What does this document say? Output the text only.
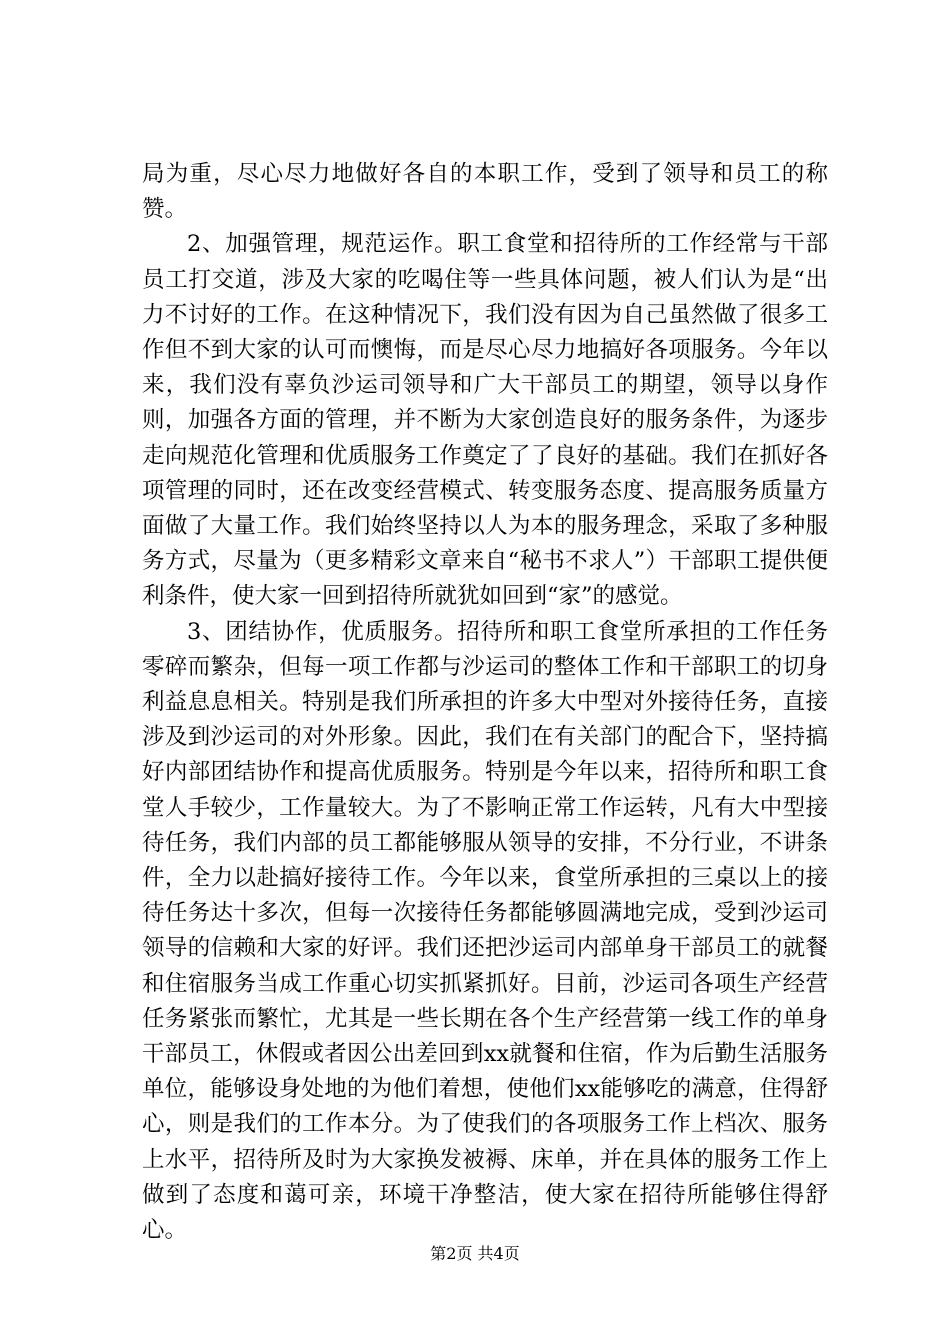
局为重，尽心尽力地做好各自的本职工作，受到了领导和员工的称赞。

2、加强管理，规范运作。职工食堂和招待所的工作经常与干部员工打交道，涉及大家的吃喝住等一些具体问题，被人们认为是“出力不讨好的工作。在这种情况下，我们没有因为自己虽然做了很多工作但不到大家的认可而懊悔，而是尽心尽力地搞好各项服务。今年以来，我们没有辜负沙运司领导和广大干部员工的期望，领导以身作则，加强各方面的管理，并不断为大家创造良好的服务条件，为逐步走向规范化管理和优质服务工作奠定了了良好的基础。我们在抓好各项管理的同时，还在改变经营模式、转变服务态度、提高服务质量方面做了大量工作。我们始终坚持以人为本的服务理念，采取了多种服务方式，尽量为（更多精彩文章来自“秘书不求人”）干部职工提供便利条件，使大家一回到招待所就犹如回到“家”的感觉。

3、团结协作，优质服务。招待所和职工食堂所承担的工作任务零碎而繁杂，但每一项工作都与沙运司的整体工作和干部职工的切身利益息息相关。特别是我们所承担的许多大中型对外接待任务，直接涉及到沙运司的对外形象。因此，我们在有关部门的配合下，坚持搞好内部团结协作和提高优质服务。特别是今年以来，招待所和职工食堂人手较少，工作量较大。为了不影响正常工作运转，凡有大中型接待任务，我们内部的员工都能够服从领导的安排，不分行业，不讲条件，全力以赴搞好接待工作。今年以来，食堂所承担的三桌以上的接待任务达十多次，但每一次接待任务都能够圆满地完成，受到沙运司领导的信赖和大家的好评。我们还把沙运司内部单身干部员工的就餐和住宿服务当成工作重心切实抓紧抓好。目前，沙运司各项生产经营任务紧张而繁忙，尤其是一些长期在各个生产经营第一线工作的单身干部员工，休假或者因公出差回到xx就餐和住宿，作为后勤生活服务单位，能够设身处地的为他们着想，使他们xx能够吃的满意，住得舒心，则是我们的工作本分。为了使我们的各项服务工作上档次、服务上水平，招待所及时为大家换发被褥、床单，并在具体的服务工作上做到了态度和蔼可亲，环境干净整洁，使大家在招待所能够住得舒心。

第2页 共4页
